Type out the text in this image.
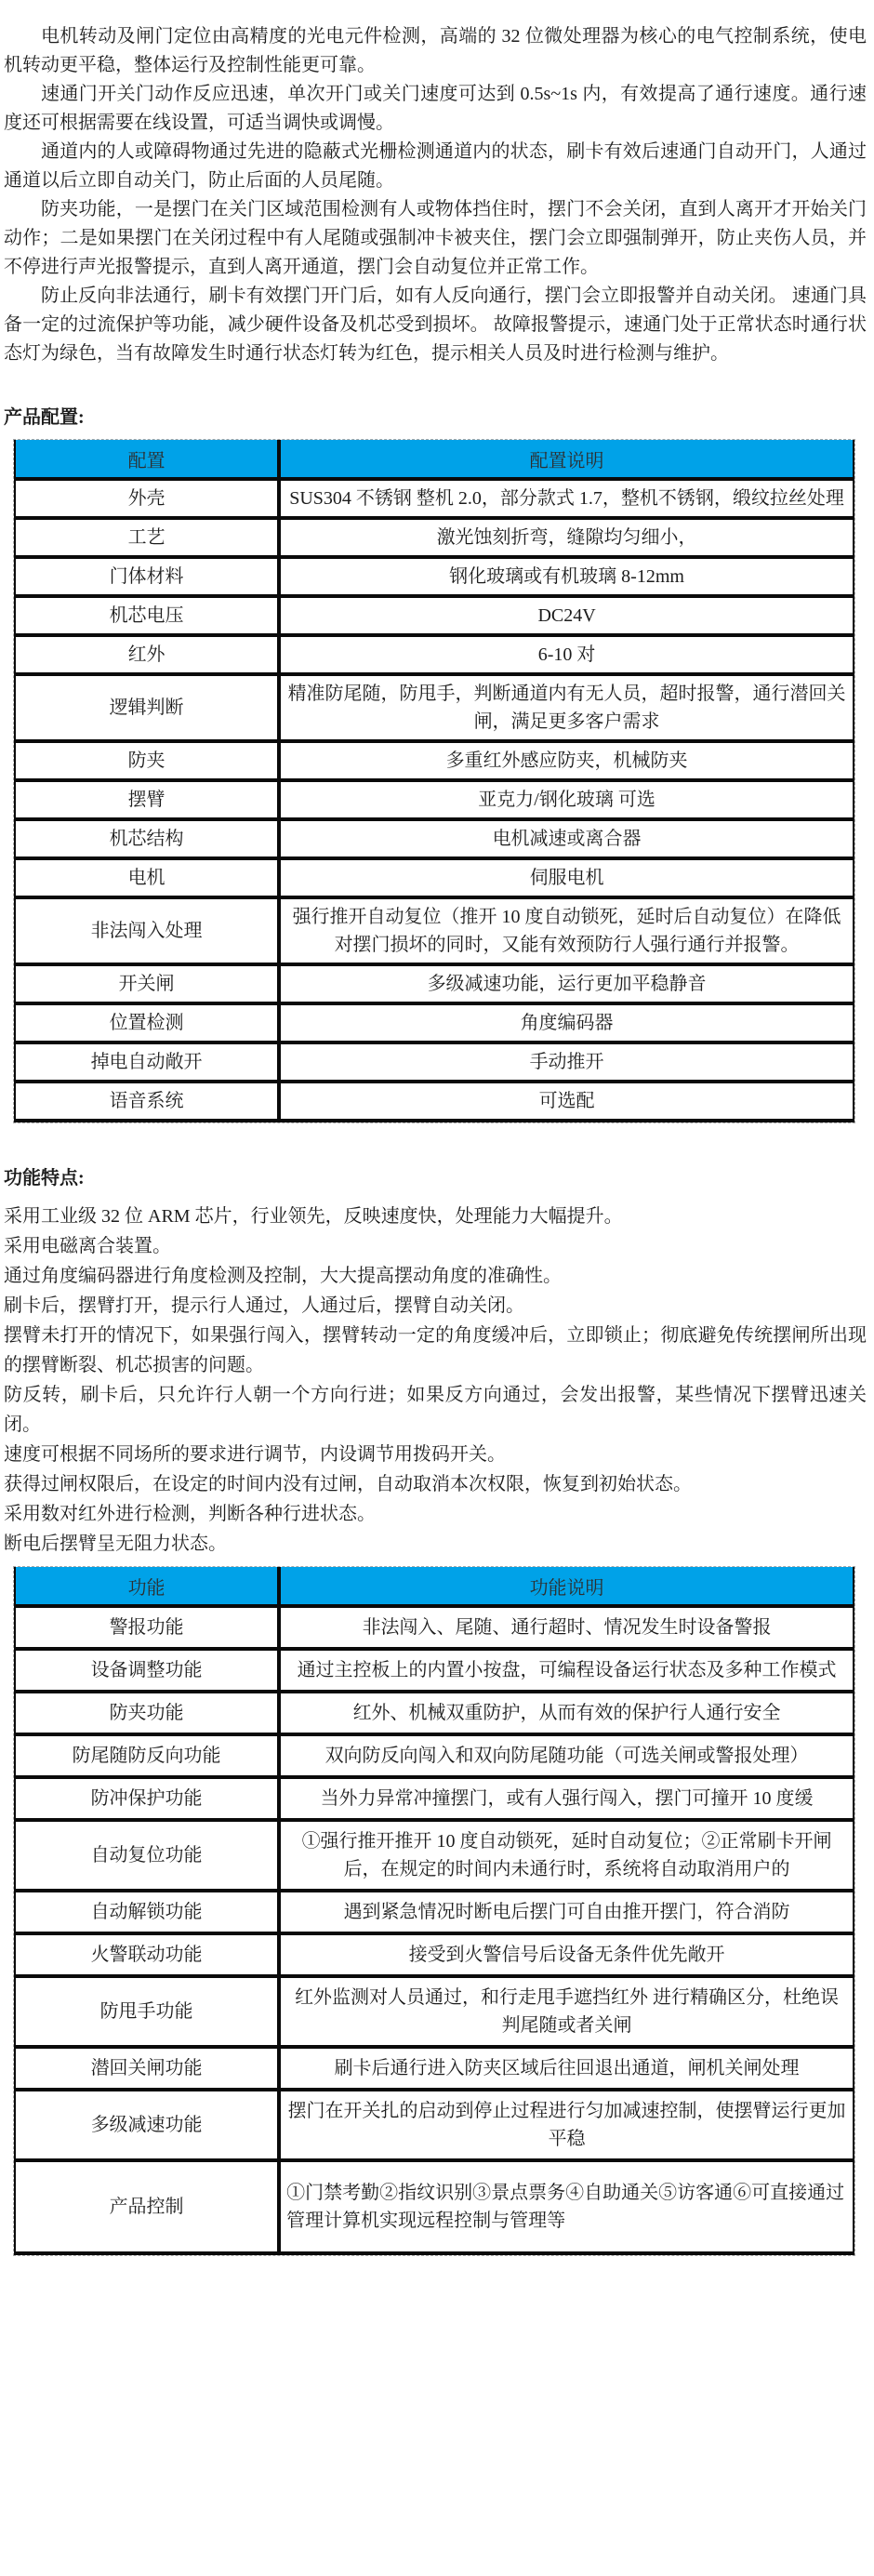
电机转动及闸门定位由高精度的光电元件检测，高端的 32 位微处理器为核心的电气控制系统，使电机转动更平稳，整体运行及控制性能更可靠。

速通门开关门动作反应迅速，单次开门或关门速度可达到 0.5s~1s 内，有效提高了通行速度。通行速度还可根据需要在线设置，可适当调快或调慢。

通道内的人或障碍物通过先进的隐蔽式光栅检测通道内的状态，刷卡有效后速通门自动开门，人通过通道以后立即自动关门，防止后面的人员尾随。

防夹功能，一是摆门在关门区域范围检测有人或物体挡住时，摆门不会关闭，直到人离开才开始关门动作；二是如果摆门在关闭过程中有人尾随或强制冲卡被夹住，摆门会立即强制弹开，防止夹伤人员，并不停进行声光报警提示，直到人离开通道，摆门会自动复位并正常工作。

防止反向非法通行，刷卡有效摆门开门后，如有人反向通行，摆门会立即报警并自动关闭。 速通门具备一定的过流保护等功能，减少硬件设备及机芯受到损坏。 故障报警提示，速通门处于正常状态时通行状态灯为绿色，当有故障发生时通行状态灯转为红色，提示相关人员及时进行检测与维护。

产品配置:
配置	配置说明
外壳	SUS304 不锈钢 整机 2.0，部分款式 1.7，整机不锈钢，缎纹拉丝处理
工艺	激光蚀刻折弯，缝隙均匀细小，
门体材料	钢化玻璃或有机玻璃 8-12mm
机芯电压	DC24V
红外	6-10 对
逻辑判断	精准防尾随，防甩手，判断通道内有无人员，超时报警，通行潜回关闸，满足更多客户需求
防夹	多重红外感应防夹，机械防夹
摆臂	亚克力/钢化玻璃 可选
机芯结构	电机减速或离合器
电机	伺服电机
非法闯入处理	强行推开自动复位（推开 10 度自动锁死，延时后自动复位）在降低对摆门损坏的同时，又能有效预防行人强行通行并报警。
开关闸	多级减速功能，运行更加平稳静音
位置检测	角度编码器
掉电自动敞开	手动推开
语音系统	可选配
功能特点:

采用工业级 32 位 ARM 芯片，行业领先，反映速度快，处理能力大幅提升。

采用电磁离合装置。

通过角度编码器进行角度检测及控制，大大提高摆动角度的准确性。

刷卡后，摆臂打开，提示行人通过，人通过后，摆臂自动关闭。

摆臂未打开的情况下，如果强行闯入，摆臂转动一定的角度缓冲后，立即锁止；彻底避免传统摆闸所出现的摆臂断裂、机芯损害的问题。

防反转，刷卡后，只允许行人朝一个方向行进；如果反方向通过，会发出报警，某些情况下摆臂迅速关闭。

速度可根据不同场所的要求进行调节，内设调节用拨码开关。

获得过闸权限后，在设定的时间内没有过闸，自动取消本次权限，恢复到初始状态。

采用数对红外进行检测，判断各种行进状态。

断电后摆臂呈无阻力状态。

功能	功能说明
警报功能	非法闯入、尾随、通行超时、情况发生时设备警报
设备调整功能	通过主控板上的内置小按盘，可编程设备运行状态及多种工作模式
防夹功能	红外、机械双重防护，从而有效的保护行人通行安全
防尾随防反向功能	双向防反向闯入和双向防尾随功能（可选关闸或警报处理）
防冲保护功能	当外力异常冲撞摆门，或有人强行闯入，摆门可撞开 10 度缓
自动复位功能	①强行推开推开 10 度自动锁死，延时自动复位；②正常刷卡开闸后，在规定的时间内未通行时，系统将自动取消用户的
自动解锁功能	遇到紧急情况时断电后摆门可自由推开摆门，符合消防
火警联动功能	接受到火警信号后设备无条件优先敞开
防甩手功能	红外监测对人员通过，和行走甩手遮挡红外 进行精确区分，杜绝误判尾随或者关闸
潜回关闸功能	刷卡后通行进入防夹区域后往回退出通道，闸机关闸处理
多级减速功能	摆门在开关扎的启动到停止过程进行匀加减速控制，使摆臂运行更加平稳
产品控制	①门禁考勤②指纹识别③景点票务④自助通关⑤访客通⑥可直接通过管理计算机实现远程控制与管理等
